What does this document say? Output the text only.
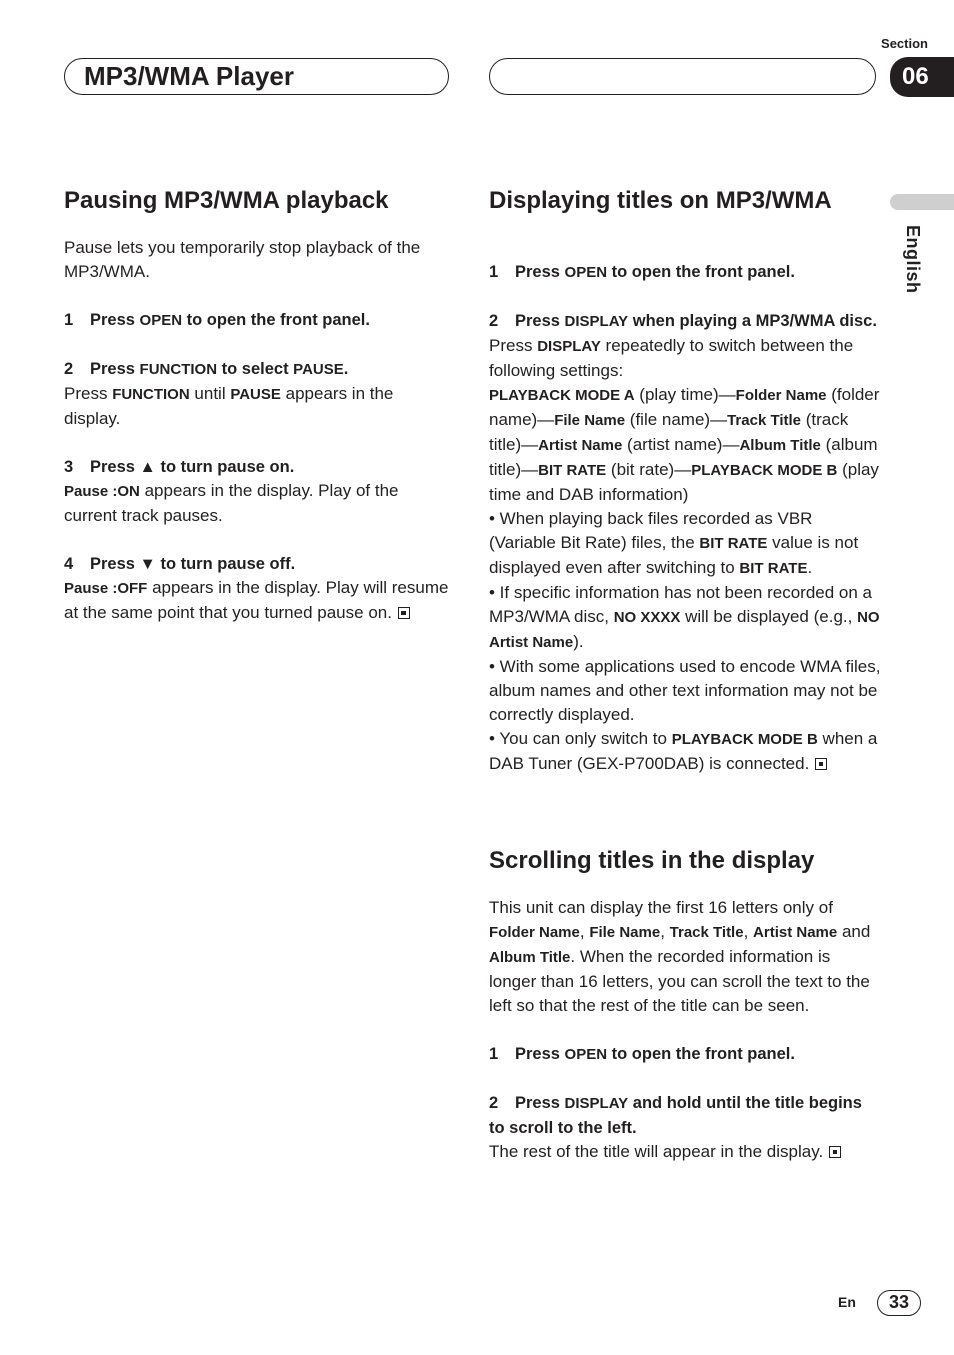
Section
MP3/WMA Player	06
English
Pausing MP3/WMA playback

Pause lets you temporarily stop playback of the MP3/WMA.

1 Press OPEN to open the front panel.

2 Press FUNCTION to select PAUSE.

Press FUNCTION until PAUSE appears in the display.

3 Press ▲ to turn pause on.

Pause :ON appears in the display. Play of the current track pauses.

4 Press ▼ to turn pause off.

Pause :OFF appears in the display. Play will resume at the same point that you turned pause on.

Displaying titles on MP3/WMA

1 Press OPEN to open the front panel.

2 Press DISPLAY when playing a MP3/WMA disc.

Press DISPLAY repeatedly to switch between the following settings:

PLAYBACK MODE A (play time)—Folder Name (folder name)—File Name (file name)—Track Title (track title)—Artist Name (artist name)—Album Title (album title)—BIT RATE (bit rate)—PLAYBACK MODE B (play time and DAB information)

• When playing back files recorded as VBR (Variable Bit Rate) files, the BIT RATE value is not displayed even after switching to BIT RATE.

• If specific information has not been recorded on a MP3/WMA disc, NO XXXX will be displayed (e.g., NO Artist Name).

• With some applications used to encode WMA files, album names and other text information may not be correctly displayed.

• You can only switch to PLAYBACK MODE B when a DAB Tuner (GEX-P700DAB) is connected.

Scrolling titles in the display

This unit can display the first 16 letters only of Folder Name, File Name, Track Title, Artist Name and Album Title. When the recorded information is longer than 16 letters, you can scroll the text to the left so that the rest of the title can be seen.

1 Press OPEN to open the front panel.

2 Press DISPLAY and hold until the title begins to scroll to the left.

The rest of the title will appear in the display.

En	33
